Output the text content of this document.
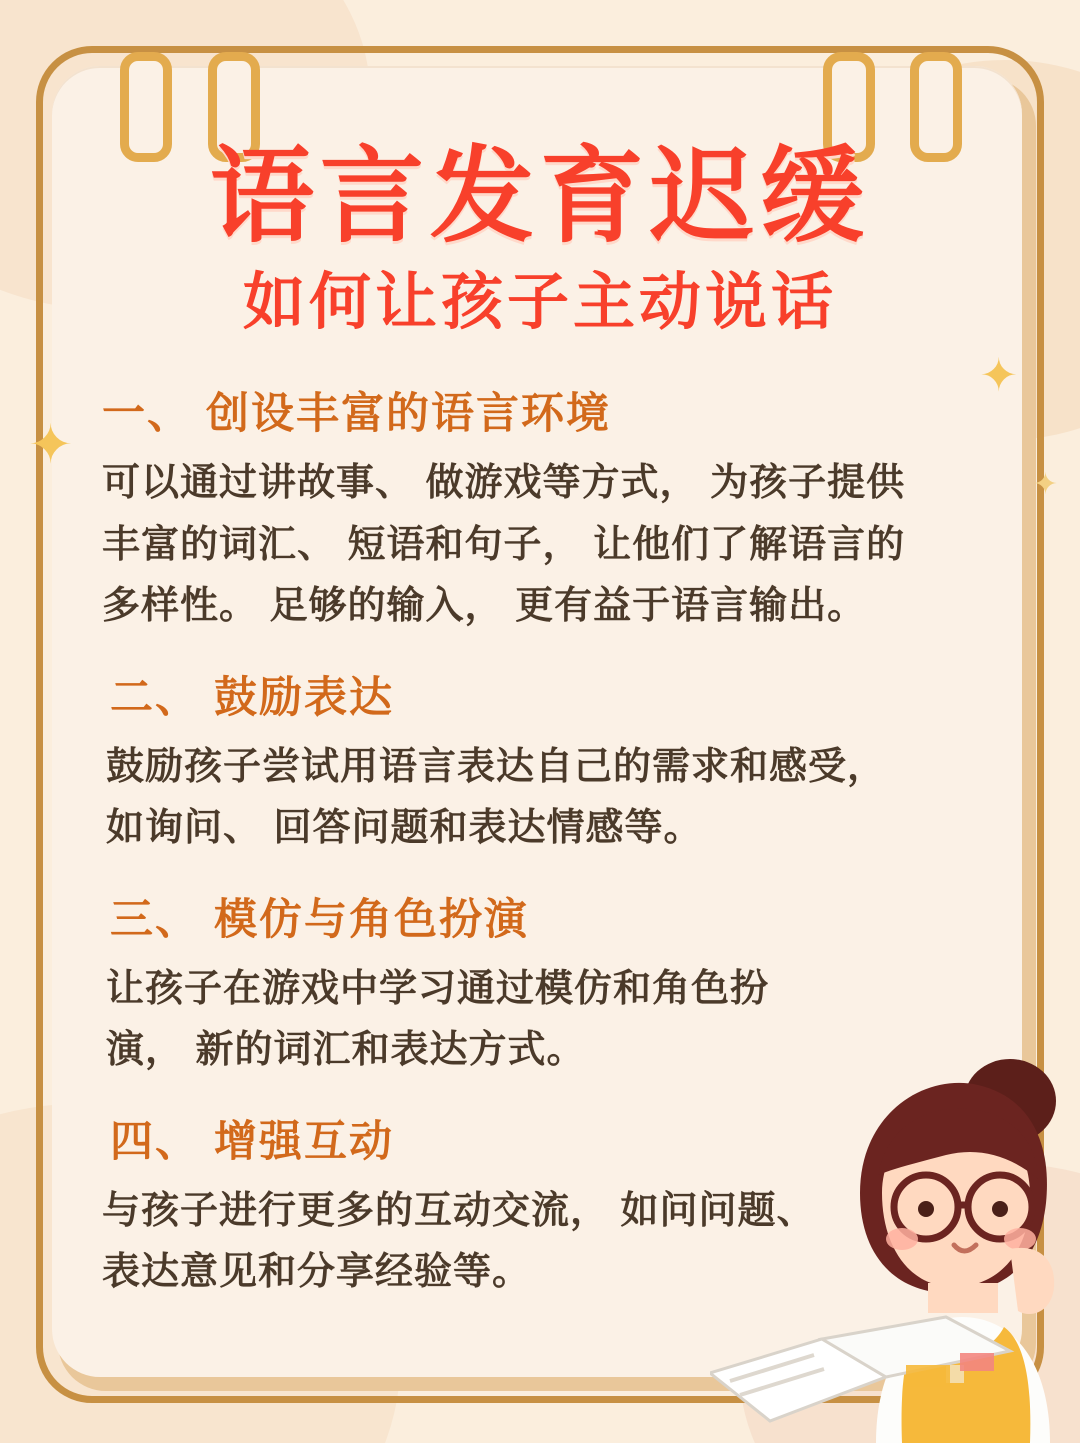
✦
✦
✦
语言发育迟缓
如何让孩子主动说话
一、 创设丰富的语言环境
可以通过讲故事、 做游戏等方式， 为孩子提供
丰富的词汇、 短语和句子， 让他们了解语言的
多样性。 足够的输入， 更有益于语言输出。
二、 鼓励表达
鼓励孩子尝试用语言表达自己的需求和感受，
如询问、 回答问题和表达情感等。
三、 模仿与角色扮演
让孩子在游戏中学习通过模仿和角色扮
演， 新的词汇和表达方式。
四、 增强互动
与孩子进行更多的互动交流， 如问问题、
表达意见和分享经验等。
